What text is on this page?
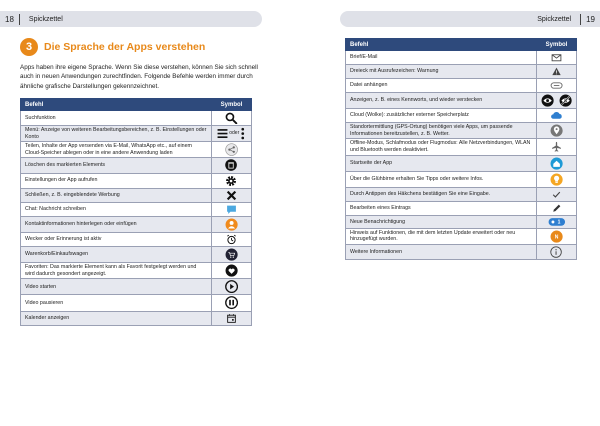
18	Spickzettel
3	Die Sprache der Apps verstehen

Apps haben ihre eigene Sprache. Wenn Sie diese verstehen, können Sie sich schnell auch in neuen Anwendungen zurechtfinden. Folgende Befehle werden immer durch ähnliche grafische Darstellungen gekennzeichnet.

Befehl	Symbol
Suchfunktion	

Menü: Anzeige von weiteren Bearbeitungsbereichen, z. B. Einstellungen oder Konto	oder

Teilen, Inhalte der App versenden via E-Mail, WhatsApp etc., auf einem Cloud-Speicher ablegen oder in eine andere Anwendung laden	

Löschen des markierten Elements	

Einstellungen der App aufrufen	

Schließen, z. B. eingeblendete Werbung	

Chat: Nachricht schreiben	

Kontaktinformationen hinterlegen oder einfügen	

Wecker oder Erinnerung ist aktiv	

Warenkorb/Einkaufswagen	

Favoriten: Das markierte Element kann als Favorit festgelegt werden und wird dadurch gesondert angezeigt.	

Video starten	

Video pausieren	

Kalender anzeigen	
Spickzettel	19
Befehl	Symbol
Brief/E-Mail	

Dreieck mit Ausrufezeichen: Warnung	

Datei anhängen	

Anzeigen, z. B. eines Kennworts, und wieder verstecken	

Cloud (Wolke): zusätzlicher externer Speicherplatz	

Standortermittlung (GPS-Ortung) benötigen viele Apps, um passende Informationen bereitzustellen, z. B. Wetter.	

Offline-Modus, Schlafmodus oder Flugmodus: Alle Netzverbindungen, WLAN und Bluetooth werden deaktiviert.	

Startseite der App	

Über die Glühbirne erhalten Sie Tipps oder weitere Infos.	

Durch Antippen des Häkchens bestätigen Sie eine Eingabe.	

Bearbeiten eines Eintrags	

Neue Benachrichtigung	1

Hinweis auf Funktionen, die mit dem letzten Update erweitert oder neu hinzugefügt wurden.	N

Weitere Informationen	
